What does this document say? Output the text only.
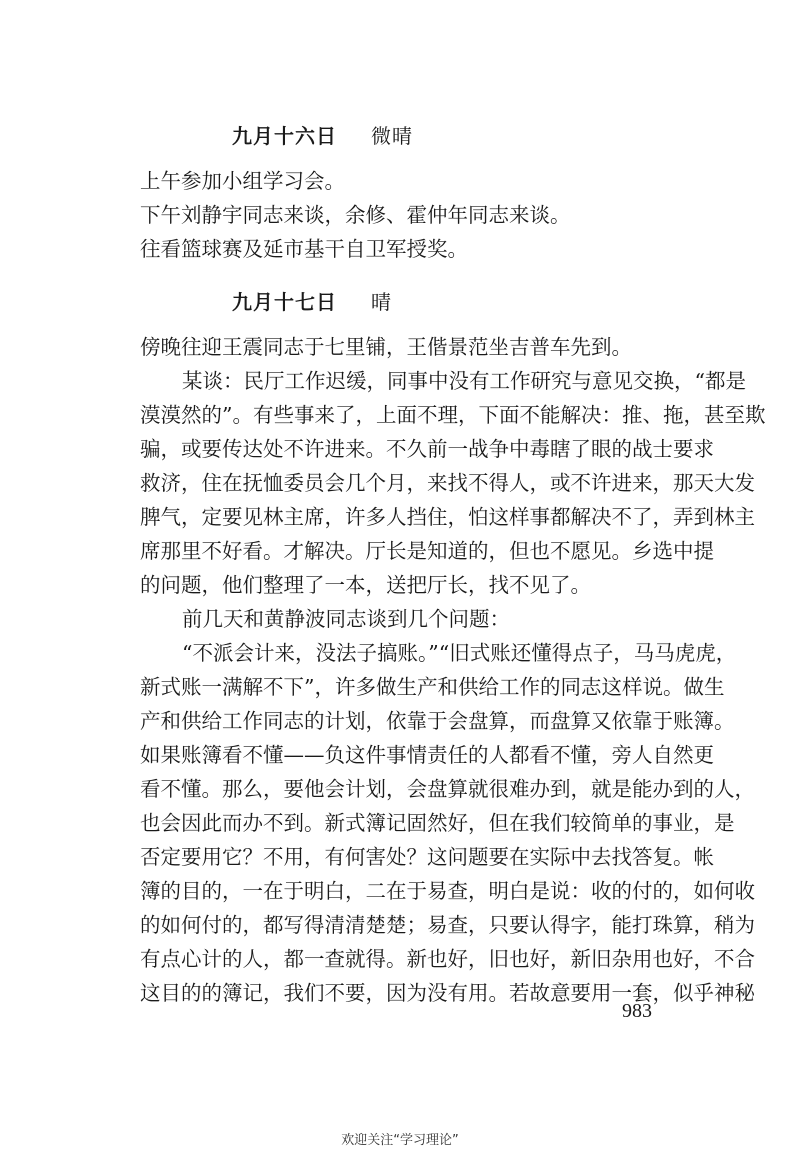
九月十六日 微晴
上午参加小组学习会。
下午刘静宇同志来谈，余修、霍仲年同志来谈。
往看篮球赛及延市基干自卫军授奖。
九月十七日 晴
傍晚往迎王震同志于七里铺，王偕景范坐吉普车先到。
某谈：民厅工作迟缓，同事中没有工作研究与意见交换，“都是
漠漠然的”。有些事来了，上面不理，下面不能解决：推、拖，甚至欺
骗，或要传达处不许进来。不久前一战争中毒瞎了眼的战士要求
救济，住在抚恤委员会几个月，来找不得人，或不许进来，那天大发
脾气，定要见林主席，许多人挡住，怕这样事都解决不了，弄到林主
席那里不好看。才解决。厅长是知道的，但也不愿见。乡选中提
的问题，他们整理了一本，送把厅长，找不见了。
前几天和黄静波同志谈到几个问题：
“不派会计来，没法子搞账。”“旧式账还懂得点子，马马虎虎，
新式账一满解不下”，许多做生产和供给工作的同志这样说。做生
产和供给工作同志的计划，依靠于会盘算，而盘算又依靠于账簿。
如果账簿看不懂——负这件事情责任的人都看不懂，旁人自然更
看不懂。那么，要他会计划，会盘算就很难办到，就是能办到的人，
也会因此而办不到。新式簿记固然好，但在我们较简单的事业，是
否定要用它？不用，有何害处？这问题要在实际中去找答复。帐
簿的目的，一在于明白，二在于易查，明白是说：收的付的，如何收
的如何付的，都写得清清楚楚；易查，只要认得字，能打珠算，稍为
有点心计的人，都一查就得。新也好，旧也好，新旧杂用也好，不合
这目的的簿记，我们不要，因为没有用。若故意要用一套，似乎神秘
983
欢迎关注“学习理论”
